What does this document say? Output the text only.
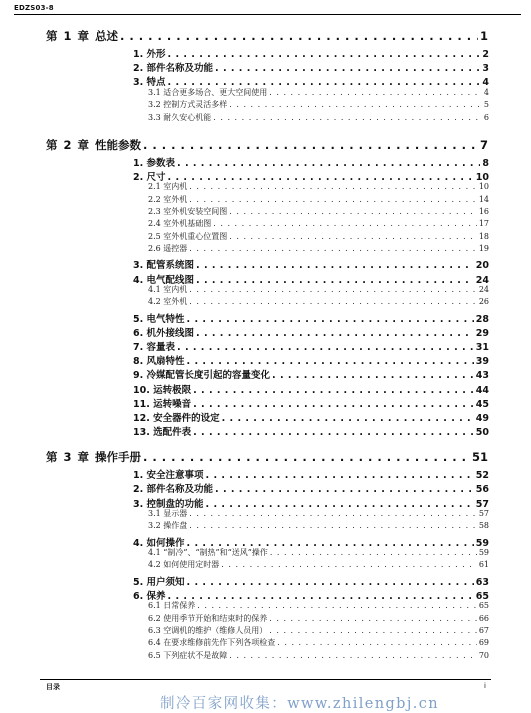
EDZS03-8
第 1 章 总述 . . .	1
1. 外形 . . .	2
2. 部件名称及功能 . . .	3
3. 特点 . . .	4
3.1 适合更多场合、更大空间使用 . . .	4
3.2 控制方式灵活多样 . . .	5
3.3 耐久安心机能 . . .	6
第 2 章 性能参数 . . .	7
1. 参数表 . . .	8
2. 尺寸 . . .	10
2.1 室内机 . . .	10
2.2 室外机 . . .	14
2.3 室外机安装空间图 . . .	16
2.4 室外机基础图 . . .	17
2.5 室外机重心位置图 . . .	18
2.6 遥控器 . . .	19
3. 配管系统图 . . .	20
4. 电气配线图 . . .	24
4.1 室内机 . . .	24
4.2 室外机 . . .	26
5. 电气特性 . . .	28
6. 机外接线图 . . .	29
7. 容量表 . . .	31
8. 风扇特性 . . .	39
9. 冷媒配管长度引起的容量变化 . . .	43
10. 运转极限 . . .	44
11. 运转噪音 . . .	45
12. 安全器件的设定 . . .	49
13. 选配件表 . . .	50
第 3 章 操作手册 . . .	51
1. 安全注意事项 . . .	52
2. 部件名称及功能 . . .	56
3. 控制盘的功能 . . .	57
3.1 显示器 . . .	57
3.2 操作盘 . . .	58
4. 如何操作 . . .	59
4.1 “制冷”、“制热”和“送风”操作 . . .	59
4.2 如何使用定时器 . . .	61
5. 用户须知 . . .	63
6. 保养 . . .	65
6.1 日常保养 . . .	65
6.2 使用季节开始和结束时的保养 . . .	66
6.3 空调机的维护（维修人员用） . . .	67
6.4 在要求维修前先作下列各项检查 . . .	69
6.5 下列症状不是故障 . . .	70
目录	i
制冷百家网收集：www.zhilengbj.cn
